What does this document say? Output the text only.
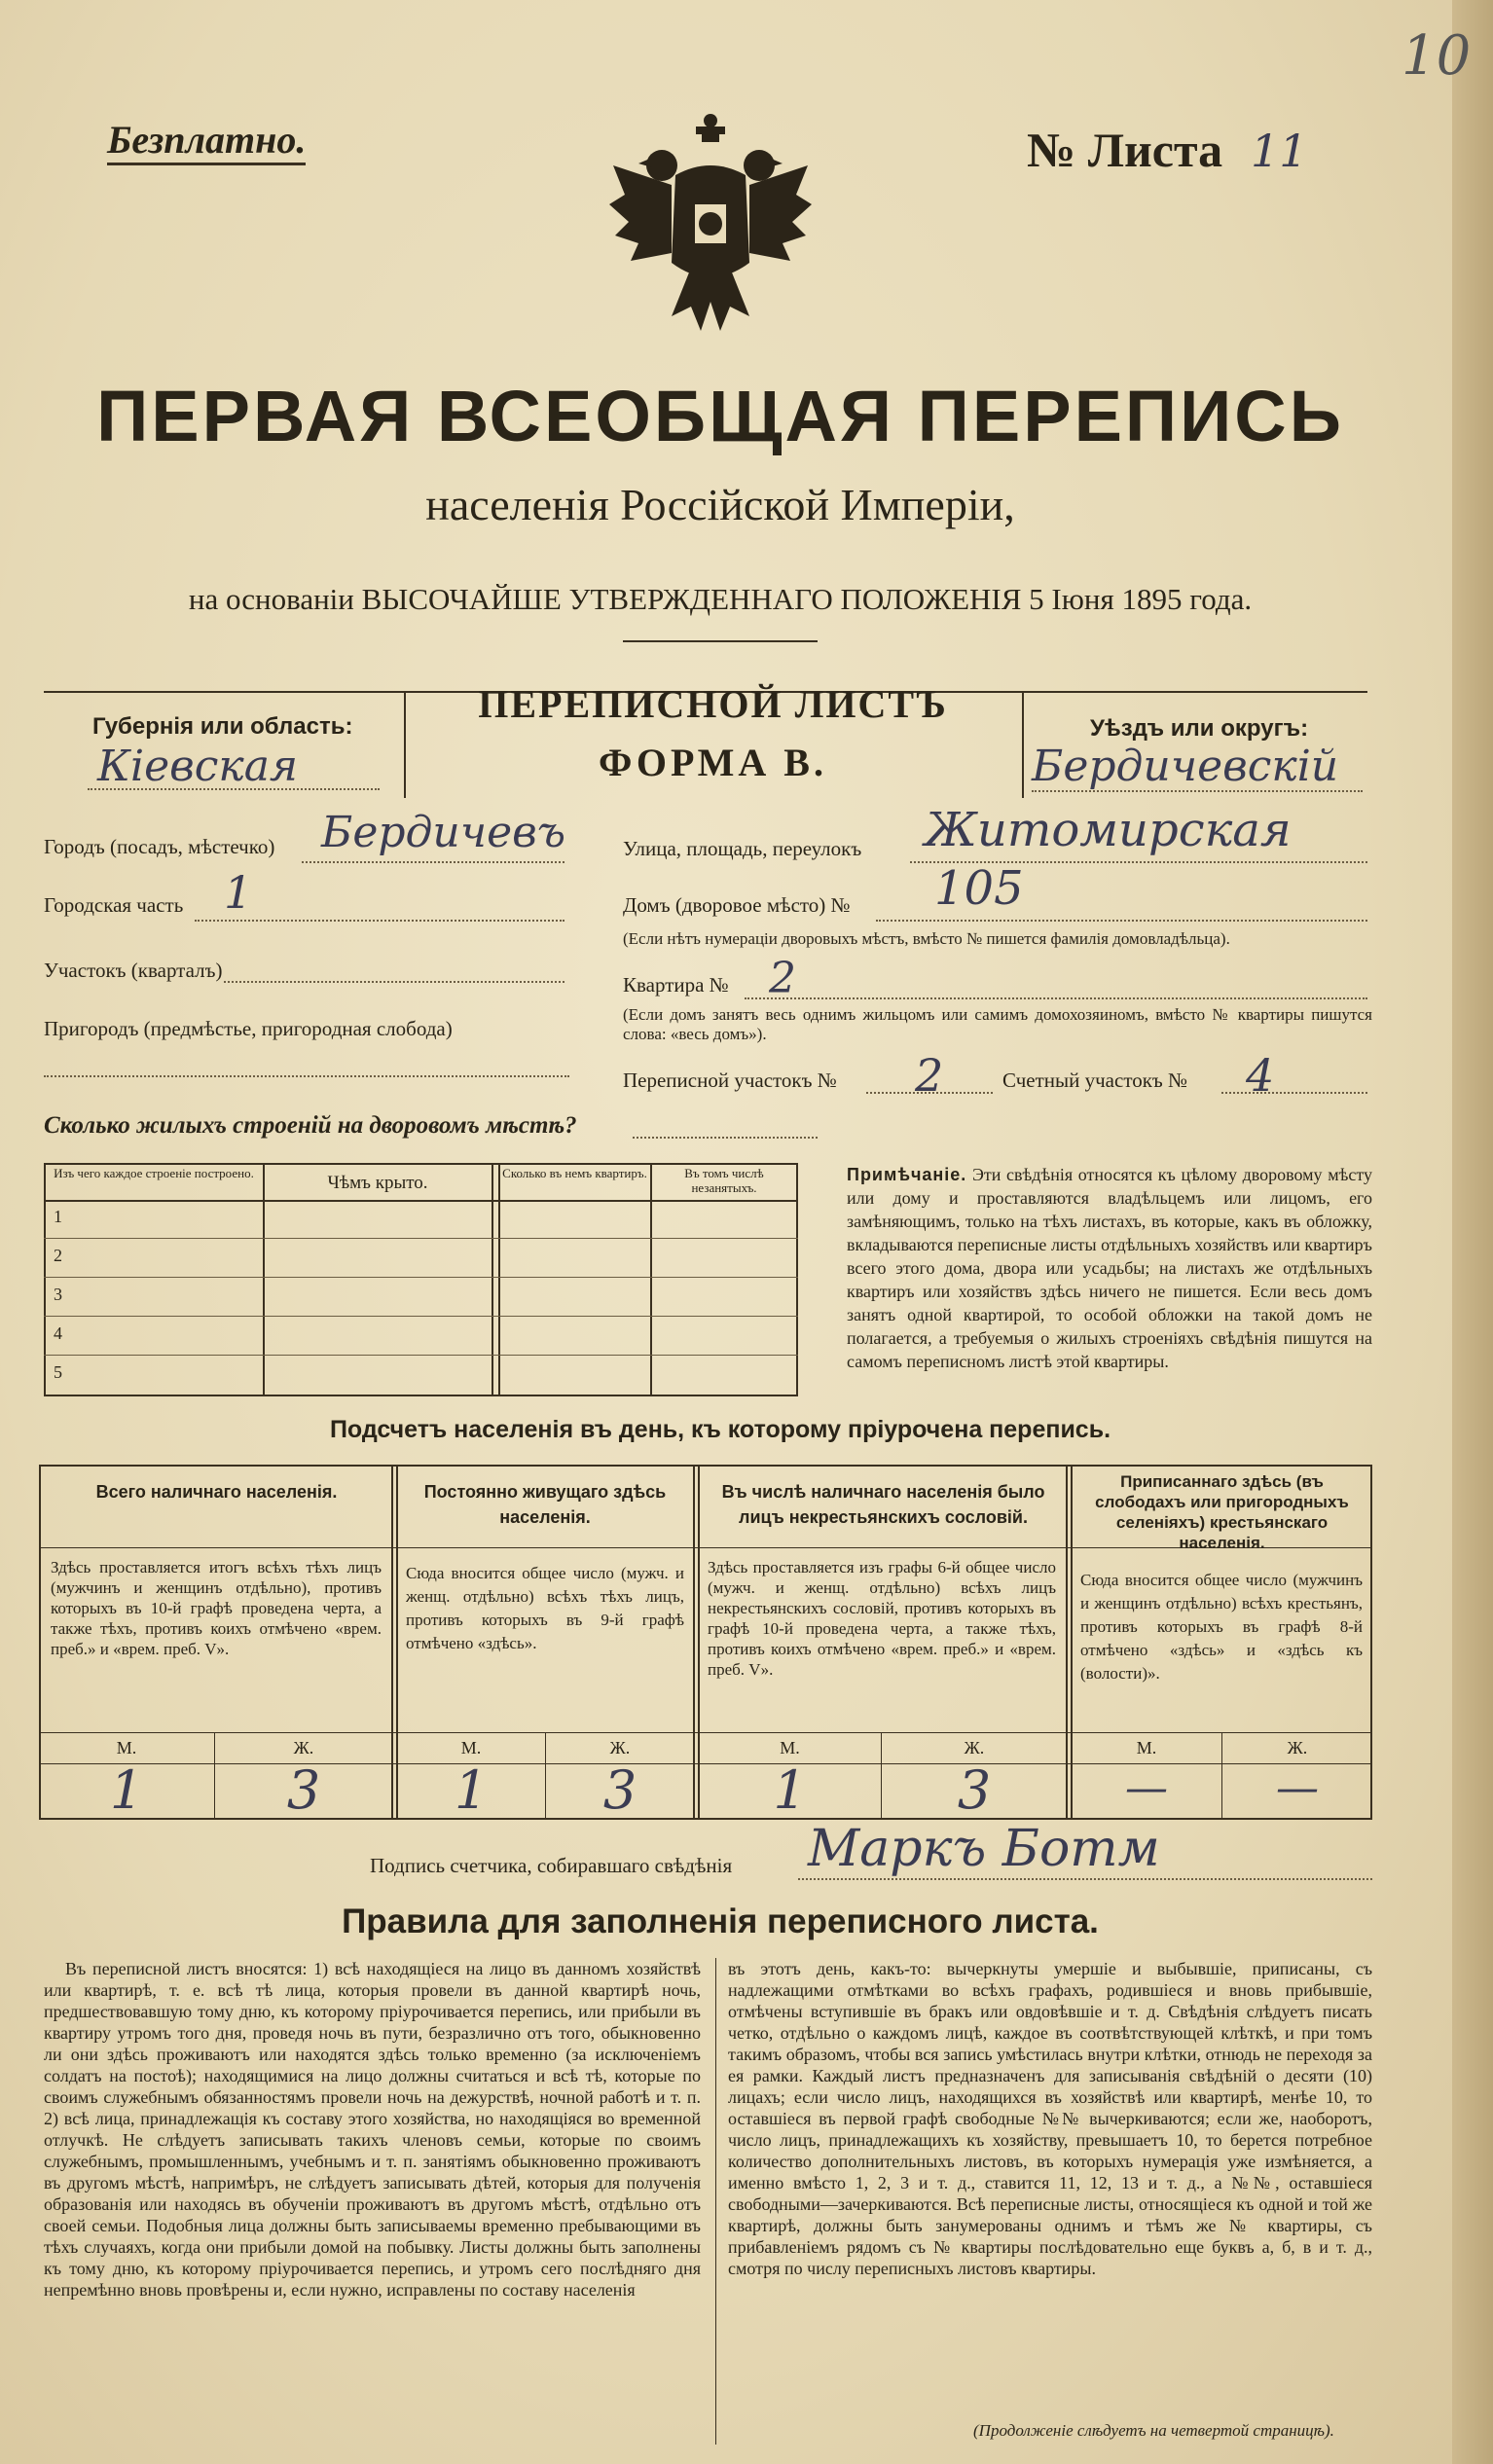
Безплатно.	№ Листа 11
10
ПЕРВАЯ ВСЕОБЩАЯ ПЕРЕПИСЬ
населенія Россійской Имперіи,
на основаніи ВЫСОЧАЙШЕ УТВЕРЖДЕННАГО ПОЛОЖЕНІЯ 5 Іюня 1895 года.
Губернія или область:
Кіевская
ПЕРЕПИСНОЙ ЛИСТЪ
ФОРМА В.
Уѣздъ или округъ:
Бердичевскій
Городъ (посадъ, мѣстечко) Бердичевъ
Городская часть 1
Участокъ (кварталъ)
Пригородъ (предмѣстье, пригородная слобода)
Улица, площадь, переулокъ Житомирская
Домъ (дворовое мѣсто) № 105
(Если нѣтъ нумераціи дворовыхъ мѣстъ, вмѣсто № пишется фамилія домовладѣльца).
Квартира № 2
(Если домъ занятъ весь однимъ жильцомъ или самимъ домохозяиномъ, вмѣсто № квартиры пишутся слова: «весь домъ»).
Переписной участокъ № 2	Счетный участокъ № 4
Сколько жилыхъ строеній на дворовомъ мѣстѣ?
Изъ чего каждое строеніе построено.	Чѣмъ крыто.	Сколько въ немъ квартиръ.	Въ томъ числѣ незанятыхъ.
1
2
3
4
5
Примѣчаніе. Эти свѣдѣнія относятся къ цѣлому дворовому мѣсту или дому и проставляются владѣльцемъ или лицомъ, его замѣняющимъ, только на тѣхъ листахъ, въ которые, какъ въ обложку, вкладываются переписные листы отдѣльныхъ хозяйствъ или квартиръ всего этого дома, двора или усадьбы; на листахъ же отдѣльныхъ квартиръ или хозяйствъ здѣсь ничего не пишется. Если весь домъ занятъ одной квартирой, то особой обложки на такой домъ не полагается, а требуемыя о жилыхъ строеніяхъ свѣдѣнія пишутся на самомъ переписномъ листѣ этой квартиры.
Подсчетъ населенія въ день, къ которому пріурочена перепись.
Всего наличнаго населенія.
Здѣсь проставляется итогъ всѣхъ тѣхъ лицъ (мужчинъ и женщинъ отдѣльно), противъ которыхъ въ 10-й графѣ проведена черта, а также тѣхъ, противъ коихъ отмѣчено «врем. преб.» и «врем. преб. V».
М.	Ж.
1	3
Постоянно живущаго здѣсь населенія.
Сюда вносится общее число (мужч. и женщ. отдѣльно) всѣхъ тѣхъ лицъ, противъ которыхъ въ 9-й графѣ отмѣчено «здѣсь».
М.	Ж.
1	3
Въ числѣ наличнаго населенія было лицъ некрестьянскихъ сословій.
Здѣсь проставляется изъ графы 6-й общее число (мужч. и женщ. отдѣльно) всѣхъ лицъ некрестьянскихъ сословій, противъ которыхъ въ графѣ 10-й проведена черта, а также тѣхъ, противъ коихъ отмѣчено «врем. преб.» и «врем. преб. V».
М.	Ж.
1	3
Приписаннаго здѣсь (въ слободахъ или пригородныхъ селеніяхъ) крестьянскаго населенія.
Сюда вносится общее число (мужчинъ и женщинъ отдѣльно) всѣхъ крестьянъ, противъ которыхъ въ графѣ 8-й отмѣчено «здѣсь» и «здѣсь къ (волости)».
М.	Ж.
—	—
Подпись счетчика, собиравшаго свѣдѣнія Маркъ Ботм
Правила для заполненія переписного листа.
Въ переписной листъ вносятся: 1) всѣ находящіеся на лицо въ данномъ хозяйствѣ или квартирѣ, т. е. всѣ тѣ лица, которыя провели въ данной квартирѣ ночь, предшествовавшую тому дню, къ которому пріурочивается перепись, или прибыли въ квартиру утромъ того дня, проведя ночь въ пути, безразлично отъ того, обыкновенно ли они здѣсь проживаютъ или находятся здѣсь только временно (за исключеніемъ солдатъ на постоѣ); находящимися на лицо должны считаться и всѣ тѣ, которые по своимъ служебнымъ обязанностямъ провели ночь на дежурствѣ, ночной работѣ и т. п. 2) всѣ лица, принадлежащія къ составу этого хозяйства, но находящіяся во временной отлучкѣ. Не слѣдуетъ записывать такихъ членовъ семьи, которые по своимъ служебнымъ, промышленнымъ, учебнымъ и т. п. занятіямъ обыкновенно проживаютъ въ другомъ мѣстѣ, напримѣръ, не слѣдуетъ записывать дѣтей, которыя для полученія образованія или находясь въ обученіи проживаютъ въ другомъ мѣстѣ, отдѣльно отъ своей семьи. Подобныя лица должны быть записываемы временно пребывающими въ тѣхъ случаяхъ, когда они прибыли домой на побывку. Листы должны быть заполнены къ тому дню, къ которому пріурочивается перепись, и утромъ сего послѣдняго дня непремѣнно вновь провѣрены и, если нужно, исправлены по составу населенія
въ этотъ день, какъ-то: вычеркнуты умершіе и выбывшіе, приписаны, съ надлежащими отмѣтками во всѣхъ графахъ, родившіеся и вновь прибывшіе, отмѣчены вступившіе въ бракъ или овдовѣвшіе и т. д. Свѣдѣнія слѣдуетъ писать четко, отдѣльно о каждомъ лицѣ, каждое въ соотвѣтствующей клѣткѣ, и при томъ такимъ образомъ, чтобы вся запись умѣстилась внутри клѣтки, отнюдь не переходя за ея рамки. Каждый листъ предназначенъ для записыванія свѣдѣній о десяти (10) лицахъ; если число лицъ, находящихся въ хозяйствѣ или квартирѣ, менѣе 10, то оставшіеся въ первой графѣ свободные №№ вычеркиваются; если же, наоборотъ, число лицъ, принадлежащихъ къ хозяйству, превышаетъ 10, то берется потребное количество дополнительныхъ листовъ, въ которыхъ нумерація уже измѣняется, а именно вмѣсто 1, 2, 3 и т. д., ставится 11, 12, 13 и т. д., а №№, оставшіеся свободными—зачеркиваются. Всѣ переписные листы, относящіеся къ одной и той же квартирѣ, должны быть занумерованы однимъ и тѣмъ же № квартиры, съ прибавленіемъ рядомъ съ № квартиры послѣдовательно еще буквъ а, б, в и т. д., смотря по числу переписныхъ листовъ квартиры.
(Продолженіе слѣдуетъ на четвертой страницѣ).
